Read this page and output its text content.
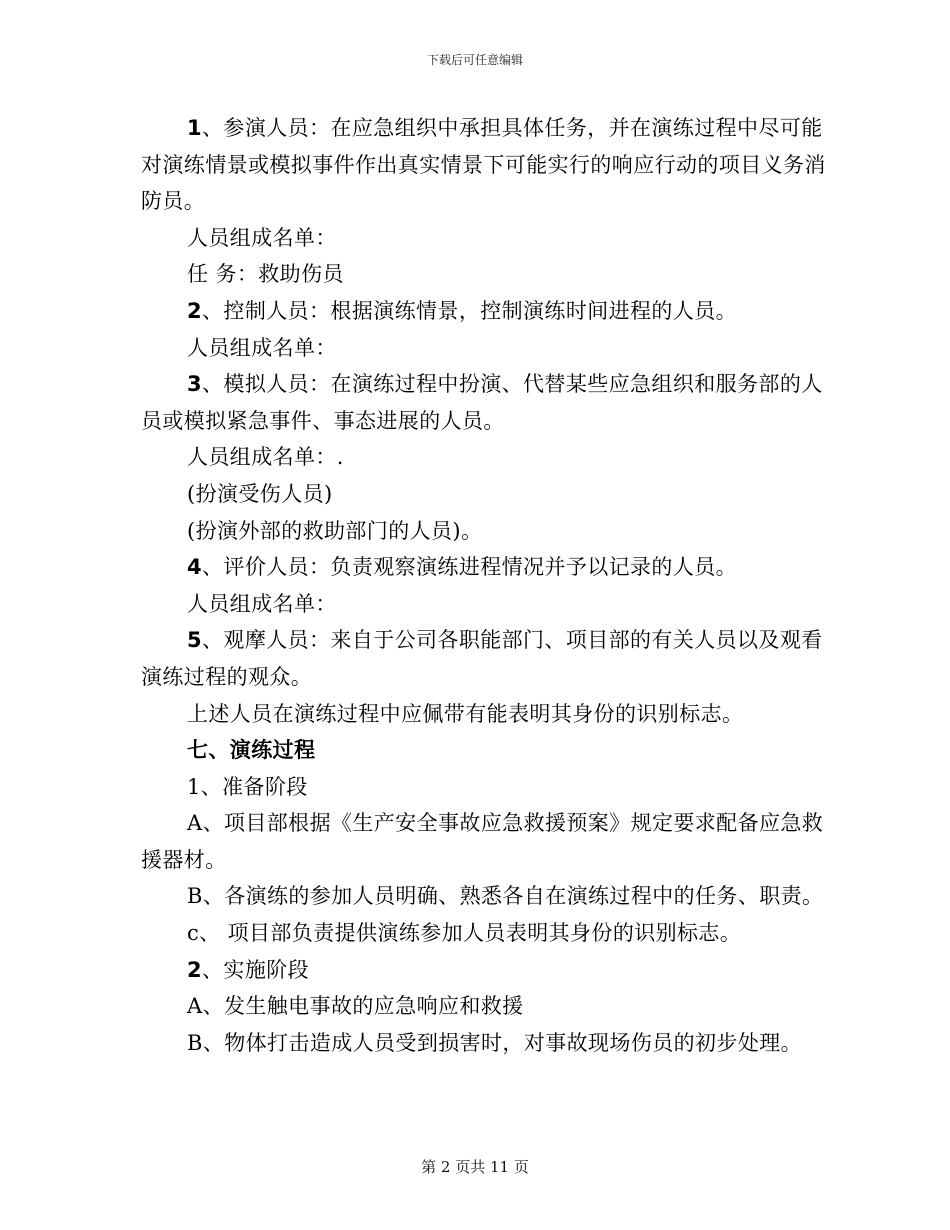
下载后可任意编辑

1、参演人员：在应急组织中承担具体任务，并在演练过程中尽可能对演练情景或模拟事件作出真实情景下可能实行的响应行动的项目义务消防员。

人员组成名单：

任 务：救助伤员

2、控制人员：根据演练情景，控制演练时间进程的人员。

人员组成名单：

3、模拟人员：在演练过程中扮演、代替某些应急组织和服务部的人员或模拟紧急事件、事态进展的人员。

人员组成名单：.

(扮演受伤人员)

(扮演外部的救助部门的人员)。

4、评价人员：负责观察演练进程情况并予以记录的人员。

人员组成名单：

5、观摩人员：来自于公司各职能部门、项目部的有关人员以及观看演练过程的观众。

上述人员在演练过程中应佩带有能表明其身份的识别标志。

七、演练过程

1、准备阶段

A、项目部根据《生产安全事故应急救援预案》规定要求配备应急救援器材。

B、各演练的参加人员明确、熟悉各自在演练过程中的任务、职责。

c、 项目部负责提供演练参加人员表明其身份的识别标志。

2、实施阶段

A、发生触电事故的应急响应和救援

B、物体打击造成人员受到损害时，对事故现场伤员的初步处理。

第 2 页共 11 页
